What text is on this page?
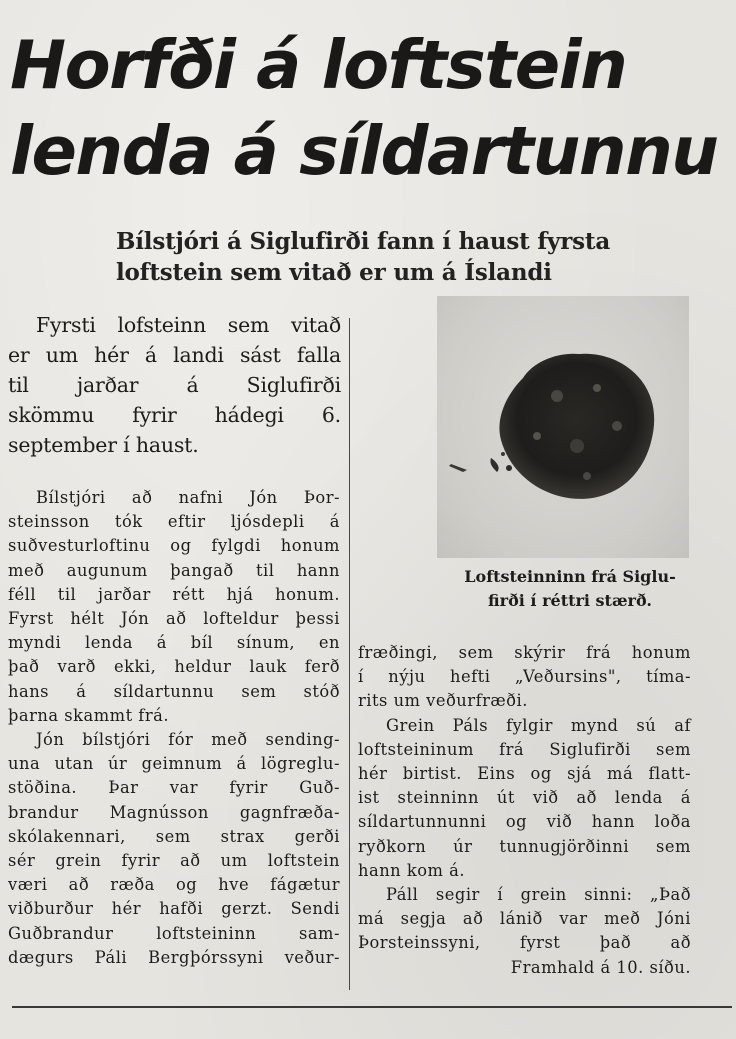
Horfði á loftstein
lenda á síldartunnu
Bílstjóri á Siglufirði fann í haust fyrsta
loftstein sem vitað er um á Íslandi
Fyrsti lofsteinn sem vitað
er um hér á landi sást falla
til jarðar á Siglufirði
skömmu fyrir hádegi 6.
september í haust.
Loftsteinninn frá Siglu-
firði í réttri stærð.
Bílstjóri að nafni Jón Þor-
steinsson tók eftir ljósdepli á
suðvesturloftinu og fylgdi honum
með augunum þangað til hann
féll til jarðar rétt hjá honum.
Fyrst hélt Jón að lofteldur þessi
myndi lenda á bíl sínum, en
það varð ekki, heldur lauk ferð
hans á síldartunnu sem stóð
þarna skammt frá.
Jón bílstjóri fór með sending-
una utan úr geimnum á lögreglu-
stöðina. Þar var fyrir Guð-
brandur Magnússon gagnfræða-
skólakennari, sem strax gerði
sér grein fyrir að um loftstein
væri að ræða og hve fágætur
viðburður hér hafði gerzt. Sendi
Guðbrandur loftsteininn sam-
dægurs Páli Bergþórssyni veður-
fræðingi, sem skýrir frá honum
í nýju hefti „Veðursins", tíma-
rits um veðurfræði.
Grein Páls fylgir mynd sú af
loftsteininum frá Siglufirði sem
hér birtist. Eins og sjá má flatt-
ist steinninn út við að lenda á
síldartunnunni og við hann loða
ryðkorn úr tunnugjörðinni sem
hann kom á.
Páll segir í grein sinni: „Það
má segja að lánið var með Jóni
Þorsteinssyni, fyrst það að
Framhald á 10. síðu.
